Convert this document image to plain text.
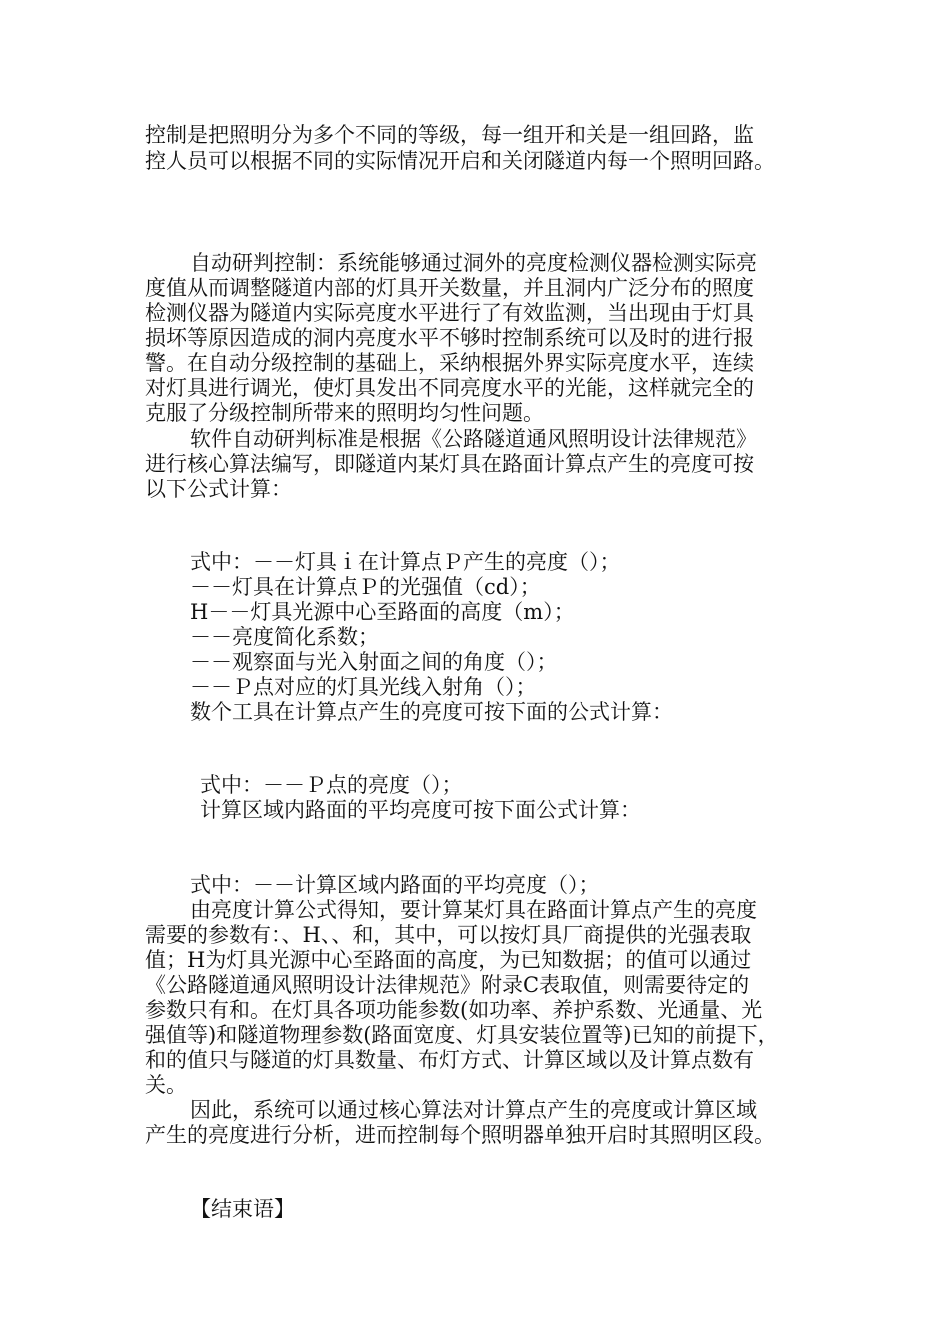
控制是把照明分为多个不同的等级，每一组开和关是一组回路，监

控人员可以根据不同的实际情况开启和关闭隧道内每一个照明回路。

自动研判控制：系统能够通过洞外的亮度检测仪器检测实际亮

度值从而调整隧道内部的灯具开关数量，并且洞内广泛分布的照度

检测仪器为隧道内实际亮度水平进行了有效监测，当出现由于灯具

损坏等原因造成的洞内亮度水平不够时控制系统可以及时的进行报

警。在自动分级控制的基础上，采纳根据外界实际亮度水平，连续

对灯具进行调光，使灯具发出不同亮度水平的光能，这样就完全的

克服了分级控制所带来的照明均匀性问题。

软件自动研判标准是根据《公路隧道通风照明设计法律规范》

进行核心算法编写，即隧道内某灯具在路面计算点产生的亮度可按

以下公式计算：

式中：－－灯具ｉ在计算点Ｐ产生的亮度（）；

－－灯具在计算点Ｐ的光强值（cd）；

H－－灯具光源中心至路面的高度（m）；

－－亮度简化系数；

－－观察面与光入射面之间的角度（）；

－－Ｐ点对应的灯具光线入射角（）；

数个工具在计算点产生的亮度可按下面的公式计算：

式中：－－Ｐ点的亮度（）；

计算区域内路面的平均亮度可按下面公式计算：

式中：－－计算区域内路面的平均亮度（）；

由亮度计算公式得知，要计算某灯具在路面计算点产生的亮度

需要的参数有：、H、、和，其中，可以按灯具厂商提供的光强表取

值；H为灯具光源中心至路面的高度，为已知数据；的值可以通过

《公路隧道通风照明设计法律规范》附录C表取值，则需要待定的

参数只有和。在灯具各项功能参数(如功率、养护系数、光通量、光

强值等)和隧道物理参数(路面宽度、灯具安装位置等)已知的前提下，

和的值只与隧道的灯具数量、布灯方式、计算区域以及计算点数有

关。

因此，系统可以通过核心算法对计算点产生的亮度或计算区域

产生的亮度进行分析，进而控制每个照明器单独开启时其照明区段。

【结束语】
